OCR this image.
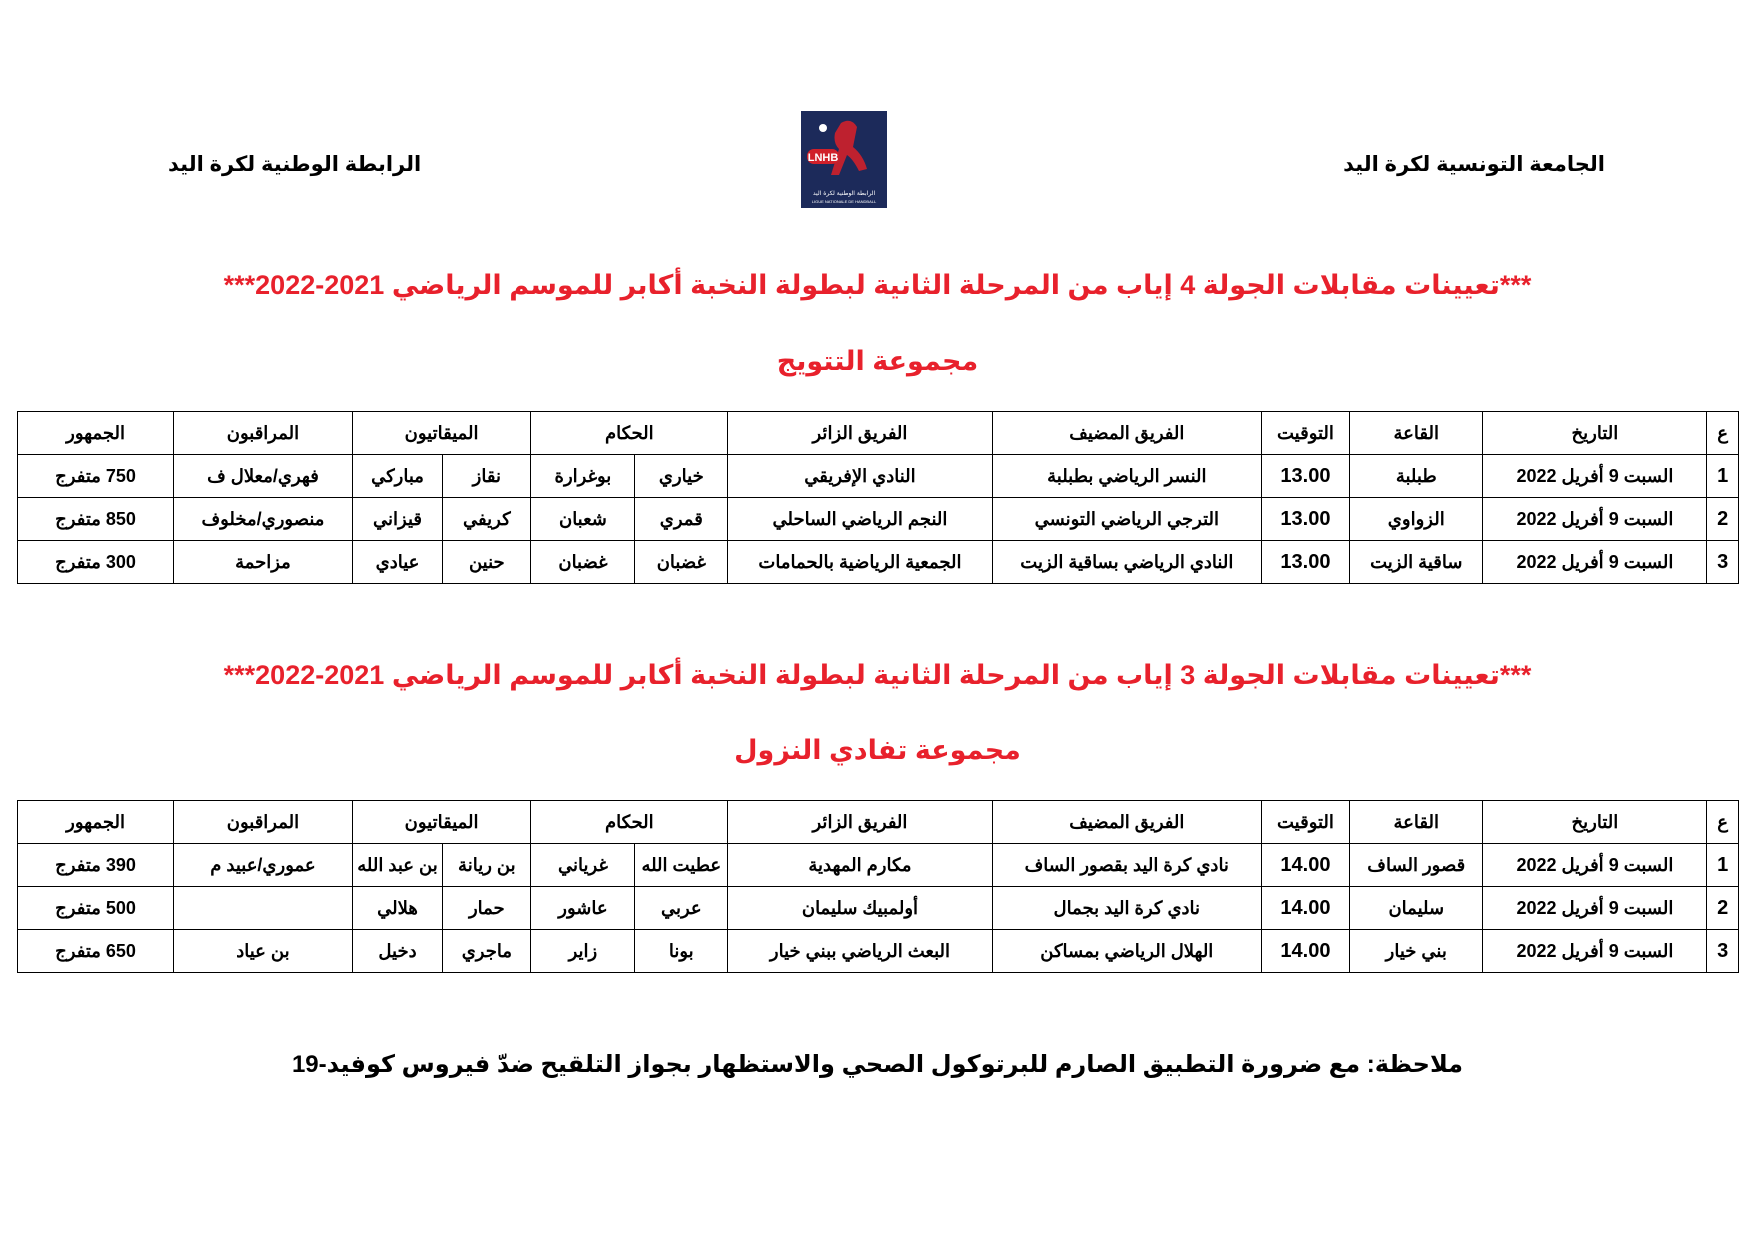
الجامعة التونسية لكرة اليد
الرابطة الوطنية لكرة اليد	LNHB
الرابطة الوطنية لكرة اليد
LIGUE NATIONALE DE HANDBALL
***تعيينات مقابلات الجولة 4 إياب من المرحلة الثانية لبطولة النخبة أكابر للموسم الرياضي 2021-2022***
مجموعة التتويج
ع	التاريخ	القاعة	التوقيت	الفريق المضيف	الفريق الزائر	الحكام		الميقاتيون		المراقبون	الجمهور
1	السبت 9 أفريل 2022	طبلبة	13.00	النسر الرياضي بطبلبة	النادي الإفريقي	خياري	بوغرارة	نقاز	مباركي	فهري/معلال ف	750 متفرج
2	السبت 9 أفريل 2022	الزواوي	13.00	الترجي الرياضي التونسي	النجم الرياضي الساحلي	قمري	شعبان	كريفي	قيزاني	منصوري/مخلوف	850 متفرج
3	السبت 9 أفريل 2022	ساقية الزيت	13.00	النادي الرياضي بساقية الزيت	الجمعية الرياضية بالحمامات	غضبان	غضبان	حنين	عيادي	مزاحمة	300 متفرج
***تعيينات مقابلات الجولة 3 إياب من المرحلة الثانية لبطولة النخبة أكابر للموسم الرياضي 2021-2022***
مجموعة تفادي النزول
ع	التاريخ	القاعة	التوقيت	الفريق المضيف	الفريق الزائر	الحكام		الميقاتيون		المراقبون	الجمهور
1	السبت 9 أفريل 2022	قصور الساف	14.00	نادي كرة اليد بقصور الساف	مكارم المهدية	عطيت الله	غرياني	بن ريانة	بن عبد الله	عموري/عبيد م	390 متفرج
2	السبت 9 أفريل 2022	سليمان	14.00	نادي كرة اليد بجمال	أولمبيك سليمان	عربي	عاشور	حمار	هلالي		500 متفرج
3	السبت 9 أفريل 2022	بني خيار	14.00	الهلال الرياضي بمساكن	البعث الرياضي ببني خيار	بونا	زاير	ماجري	دخيل	بن عياد	650 متفرج
ملاحظة: مع ضرورة التطبيق الصارم للبرتوكول الصحي والاستظهار بجواز التلقيح ضدّ فيروس كوفيد-19
